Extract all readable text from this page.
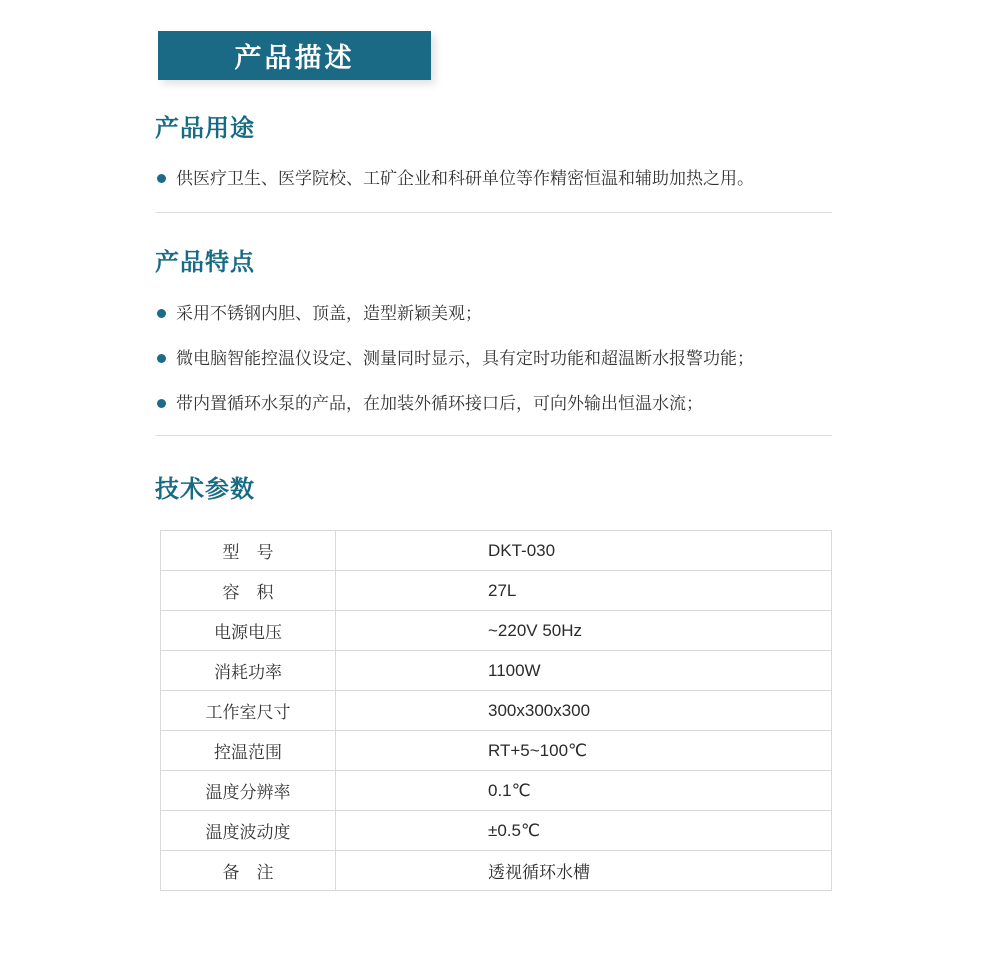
产品描述
产品用途
供医疗卫生、医学院校、工矿企业和科研单位等作精密恒温和辅助加热之用。
产品特点
采用不锈钢内胆、顶盖，造型新颖美观；
微电脑智能控温仪设定、测量同时显示，具有定时功能和超温断水报警功能；
带内置循环水泵的产品，在加装外循环接口后，可向外输出恒温水流；
技术参数
型　号	DKT-030
容　积	27L
电源电压	~220V 50Hz
消耗功率	1100W
工作室尺寸	300x300x300
控温范围	RT+5~100℃
温度分辨率	0.1℃
温度波动度	±0.5℃
备　注	透视循环水槽
